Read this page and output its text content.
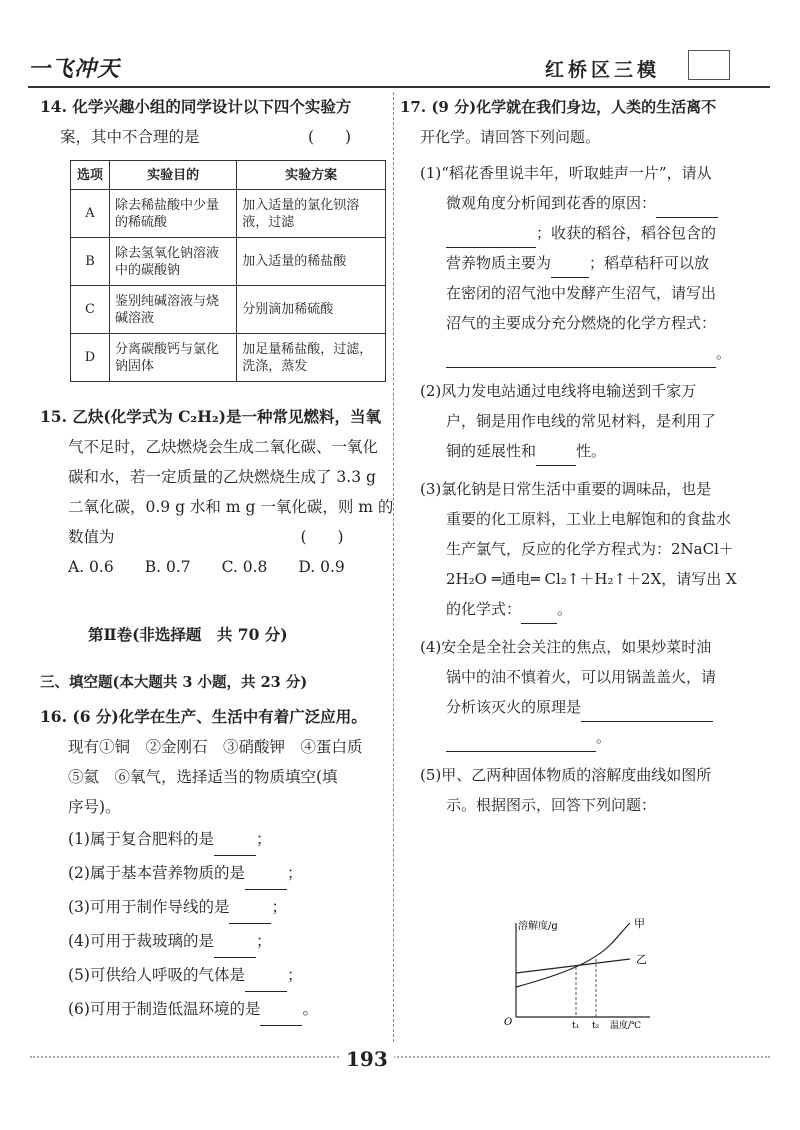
一飞冲天	红桥区三模
14. 化学兴趣小组的同学设计以下四个实验方
案，其中不合理的是　　　　　　　(　　)
选项	实验目的	实验方案
A	除去稀盐酸中少量的稀硫酸	加入适量的氯化钡溶液，过滤
B	除去氢氧化钠溶液中的碳酸钠	加入适量的稀盐酸
C	鉴别纯碱溶液与烧碱溶液	分别滴加稀硫酸
D	分离碳酸钙与氯化钠固体	加足量稀盐酸，过滤，洗涤，蒸发
15. 乙炔(化学式为 C₂H₂)是一种常见燃料，当氧
气不足时，乙炔燃烧会生成二氧化碳、一氧化
碳和水，若一定质量的乙炔燃烧生成了 3.3 g
二氧化碳，0.9 g 水和 m g 一氧化碳，则 m 的
数值为　　　　　　　　　　　　(　　)
A. 0.6　　B. 0.7　　C. 0.8　　D. 0.9
第Ⅱ卷(非选择题　共 70 分)
三、填空题(本大题共 3 小题，共 23 分)
16. (6 分)化学在生产、生活中有着广泛应用。
现有①铜　②金刚石　③硝酸钾　④蛋白质
⑤氦　⑥氧气，选择适当的物质填空(填
序号)。
(1)属于复合肥料的是	；
(2)属于基本营养物质的是	；
(3)可用于制作导线的是	；
(4)可用于裁玻璃的是	；
(5)可供给人呼吸的气体是	；
(6)可用于制造低温环境的是	。
17. (9 分)化学就在我们身边，人类的生活离不
开化学。请回答下列问题。
(1)“稻花香里说丰年，听取蛙声一片”，请从
微观角度分析闻到花香的原因：
；收获的稻谷，稻谷包含的
营养物质主要为	；稻草秸秆可以放
在密闭的沼气池中发酵产生沼气，请写出
沼气的主要成分充分燃烧的化学方程式：
。
(2)风力发电站通过电线将电输送到千家万
户，铜是用作电线的常见材料，是利用了
铜的延展性和	性。
(3)氯化钠是日常生活中重要的调味品，也是
重要的化工原料，工业上电解饱和的食盐水
生产氯气，反应的化学方程式为：2NaCl＋
2H₂O ═通电═ Cl₂↑＋H₂↑＋2X，请写出 X
的化学式： 。
(4)安全是全社会关注的焦点，如果炒菜时油
锅中的油不慎着火，可以用锅盖盖火，请
分析该灭火的原理是
。
(5)甲、乙两种固体物质的溶解度曲线如图所
示。根据图示，回答下列问题：
溶解度/g
O	t₁ t₂ 温度/℃
甲
乙
193
